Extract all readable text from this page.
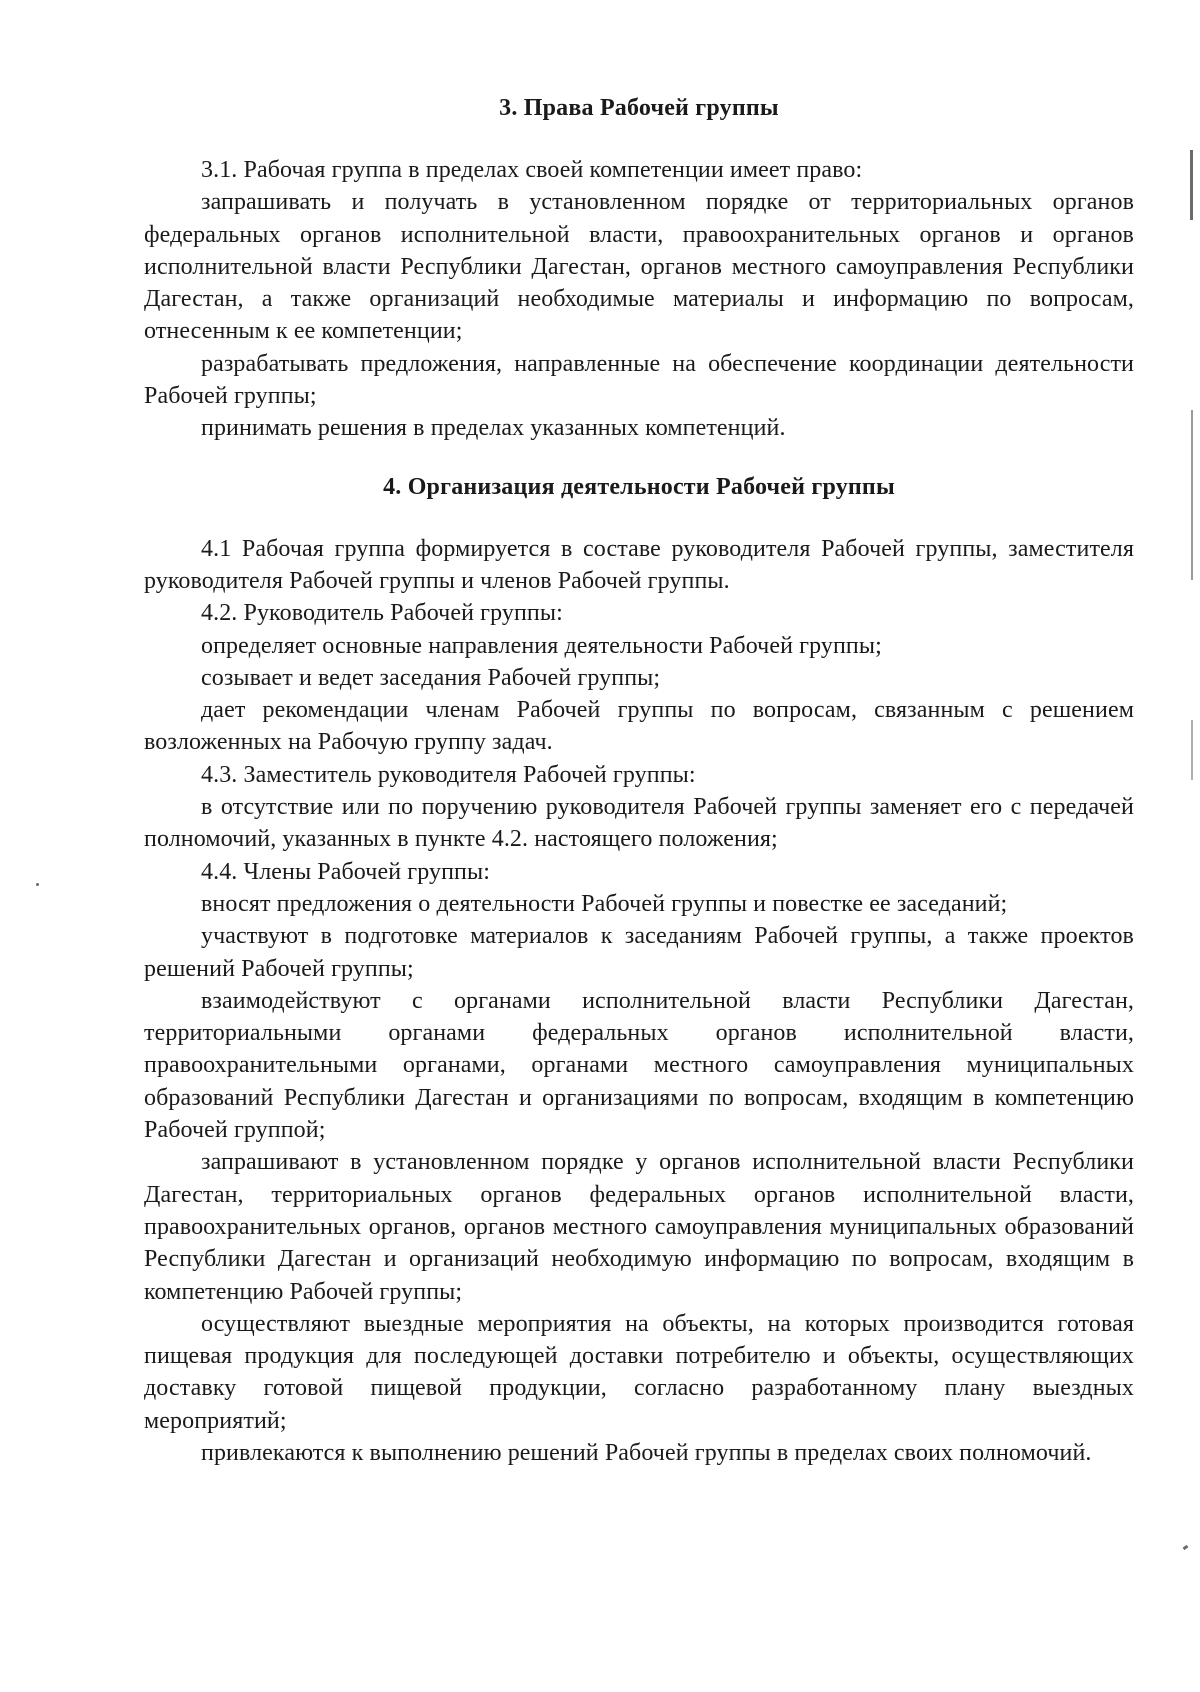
3. Права Рабочей группы

3.1. Рабочая группа в пределах своей компетенции имеет право:

запрашивать и получать в установленном порядке от территориальных органов федеральных органов исполнительной власти, правоохранительных органов и органов исполнительной власти Республики Дагестан, органов местного самоуправления Республики Дагестан, а также организаций необходимые материалы и информацию по вопросам, отнесенным к ее компетенции;

разрабатывать предложения, направленные на обеспечение координации деятельности Рабочей группы;

принимать решения в пределах указанных компетенций.

4. Организация деятельности Рабочей группы

4.1 Рабочая группа формируется в составе руководителя Рабочей группы, заместителя руководителя Рабочей группы и членов Рабочей группы.

4.2. Руководитель Рабочей группы:

определяет основные направления деятельности Рабочей группы;

созывает и ведет заседания Рабочей группы;

дает рекомендации членам Рабочей группы по вопросам, связанным с решением возложенных на Рабочую группу задач.

4.3. Заместитель руководителя Рабочей группы:

в отсутствие или по поручению руководителя Рабочей группы заменяет его с передачей полномочий, указанных в пункте 4.2. настоящего положения;

4.4. Члены Рабочей группы:

вносят предложения о деятельности Рабочей группы и повестке ее заседаний;

участвуют в подготовке материалов к заседаниям Рабочей группы, а также проектов решений Рабочей группы;

взаимодействуют с органами исполнительной власти Республики Дагестан, территориальными органами федеральных органов исполнительной власти, правоохранительными органами, органами местного самоуправления муниципальных образований Республики Дагестан и организациями по вопросам, входящим в компетенцию Рабочей группой;

запрашивают в установленном порядке у органов исполнительной власти Республики Дагестан, территориальных органов федеральных органов исполнительной власти, правоохранительных органов, органов местного самоуправления муниципальных образований Республики Дагестан и организаций необходимую информацию по вопросам, входящим в компетенцию Рабочей группы;

осуществляют выездные мероприятия на объекты, на которых производится готовая пищевая продукция для последующей доставки потребителю и объекты, осуществляющих доставку готовой пищевой продукции, согласно разработанному плану выездных мероприятий;

привлекаются к выполнению решений Рабочей группы в пределах своих полномочий.
